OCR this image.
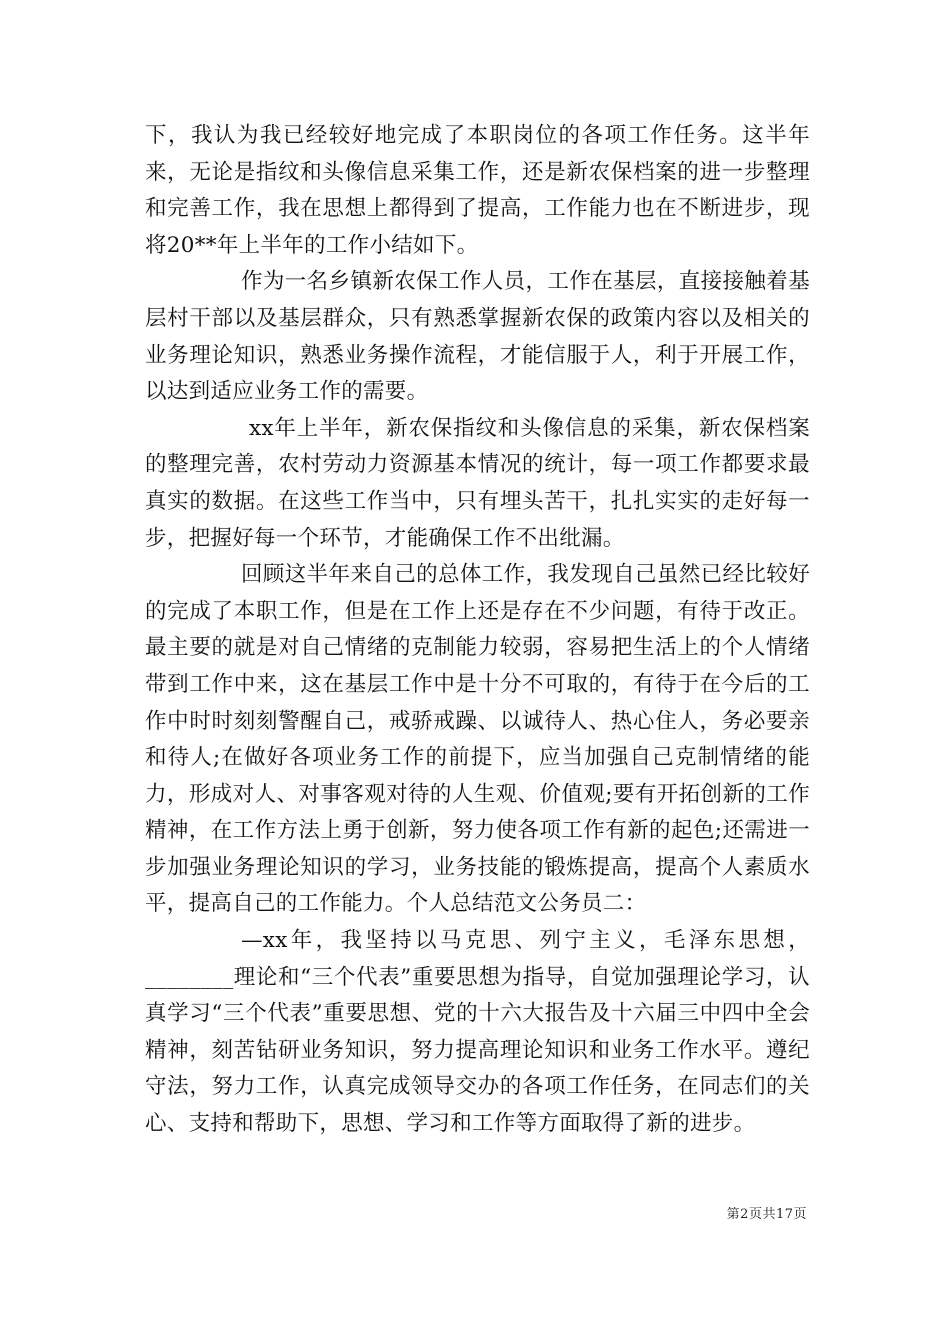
下，我认为我已经较好地完成了本职岗位的各项工作任务。这半年来，无论是指纹和头像信息采集工作，还是新农保档案的进一步整理和完善工作，我在思想上都得到了提高，工作能力也在不断进步，现将20**年上半年的工作小结如下。

作为一名乡镇新农保工作人员，工作在基层，直接接触着基层村干部以及基层群众，只有熟悉掌握新农保的政策内容以及相关的业务理论知识，熟悉业务操作流程，才能信服于人，利于开展工作，以达到适应业务工作的需要。

xx年上半年，新农保指纹和头像信息的采集，新农保档案的整理完善，农村劳动力资源基本情况的统计，每一项工作都要求最真实的数据。在这些工作当中，只有埋头苦干，扎扎实实的走好每一步，把握好每一个环节，才能确保工作不出纰漏。

回顾这半年来自己的总体工作，我发现自己虽然已经比较好的完成了本职工作，但是在工作上还是存在不少问题，有待于改正。最主要的就是对自己情绪的克制能力较弱，容易把生活上的个人情绪带到工作中来，这在基层工作中是十分不可取的，有待于在今后的工作中时时刻刻警醒自己，戒骄戒躁、以诚待人、热心住人，务必要亲和待人;在做好各项业务工作的前提下，应当加强自己克制情绪的能力，形成对人、对事客观对待的人生观、价值观;要有开拓创新的工作精神，在工作方法上勇于创新，努力使各项工作有新的起色;还需进一步加强业务理论知识的学习，业务技能的锻炼提高，提高个人素质水平，提高自己的工作能力。个人总结范文公务员二：

—xx年，我坚持以马克思、列宁主义，毛泽东思想，________理论和“三个代表”重要思想为指导，自觉加强理论学习，认真学习“三个代表”重要思想、党的十六大报告及十六届三中四中全会精神，刻苦钻研业务知识，努力提高理论知识和业务工作水平。遵纪守法，努力工作，认真完成领导交办的各项工作任务，在同志们的关心、支持和帮助下，思想、学习和工作等方面取得了新的进步。

第2页共17页
